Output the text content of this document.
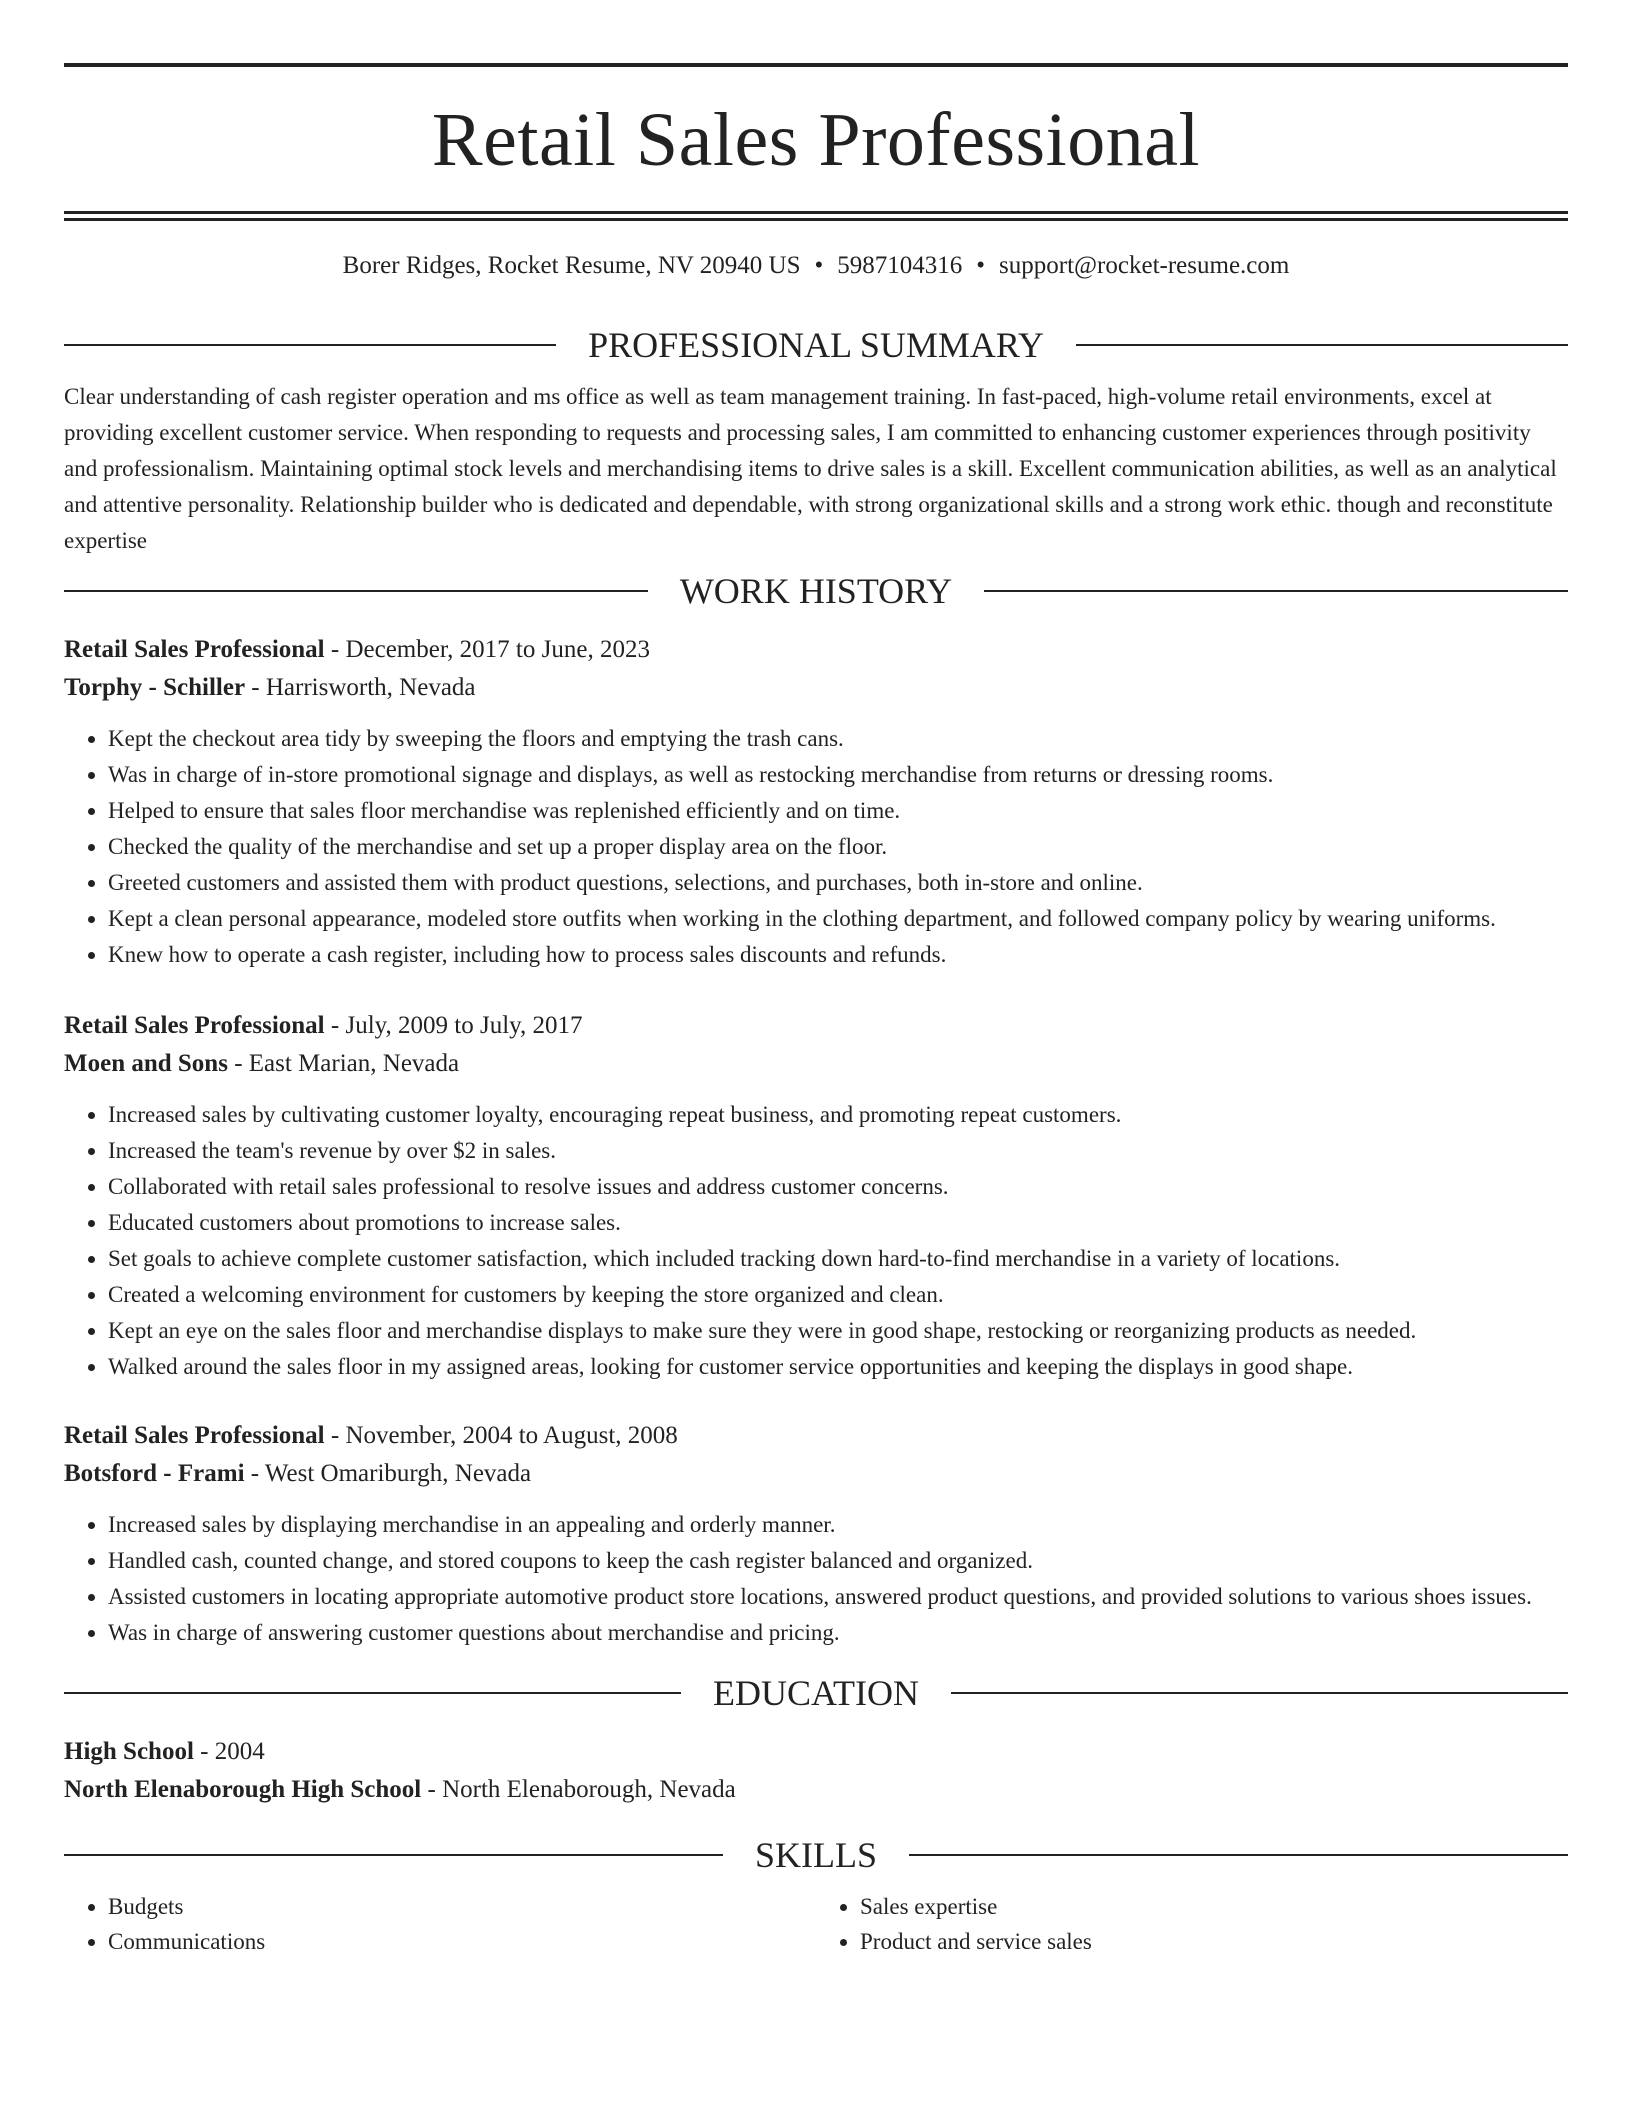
Retail Sales Professional
Borer Ridges, Rocket Resume, NV 20940 US • 5987104316 • support@rocket-resume.com
PROFESSIONAL SUMMARY

Clear understanding of cash register operation and ms office as well as team management training. In fast-paced, high-volume retail environments, excel at providing excellent customer service. When responding to requests and processing sales, I am committed to enhancing customer experiences through positivity and professionalism. Maintaining optimal stock levels and merchandising items to drive sales is a skill. Excellent communication abilities, as well as an analytical and attentive personality. Relationship builder who is dedicated and dependable, with strong organizational skills and a strong work ethic. though and reconstitute expertise

WORK HISTORY
Retail Sales Professional - December, 2017 to June, 2023
Torphy - Schiller - Harrisworth, Nevada
• Kept the checkout area tidy by sweeping the floors and emptying the trash cans.
• Was in charge of in-store promotional signage and displays, as well as restocking merchandise from returns or dressing rooms.
• Helped to ensure that sales floor merchandise was replenished efficiently and on time.
• Checked the quality of the merchandise and set up a proper display area on the floor.
• Greeted customers and assisted them with product questions, selections, and purchases, both in-store and online.
• Kept a clean personal appearance, modeled store outfits when working in the clothing department, and followed company policy by wearing uniforms.
• Knew how to operate a cash register, including how to process sales discounts and refunds.
Retail Sales Professional - July, 2009 to July, 2017
Moen and Sons - East Marian, Nevada
• Increased sales by cultivating customer loyalty, encouraging repeat business, and promoting repeat customers.
• Increased the team's revenue by over $2 in sales.
• Collaborated with retail sales professional to resolve issues and address customer concerns.
• Educated customers about promotions to increase sales.
• Set goals to achieve complete customer satisfaction, which included tracking down hard-to-find merchandise in a variety of locations.
• Created a welcoming environment for customers by keeping the store organized and clean.
• Kept an eye on the sales floor and merchandise displays to make sure they were in good shape, restocking or reorganizing products as needed.
• Walked around the sales floor in my assigned areas, looking for customer service opportunities and keeping the displays in good shape.
Retail Sales Professional - November, 2004 to August, 2008
Botsford - Frami - West Omariburgh, Nevada
• Increased sales by displaying merchandise in an appealing and orderly manner.
• Handled cash, counted change, and stored coupons to keep the cash register balanced and organized.
• Assisted customers in locating appropriate automotive product store locations, answered product questions, and provided solutions to various shoes issues.
• Was in charge of answering customer questions about merchandise and pricing.
EDUCATION
High School - 2004
North Elenaborough High School - North Elenaborough, Nevada
SKILLS
• Budgets
• Communications
• Sales expertise
• Product and service sales
